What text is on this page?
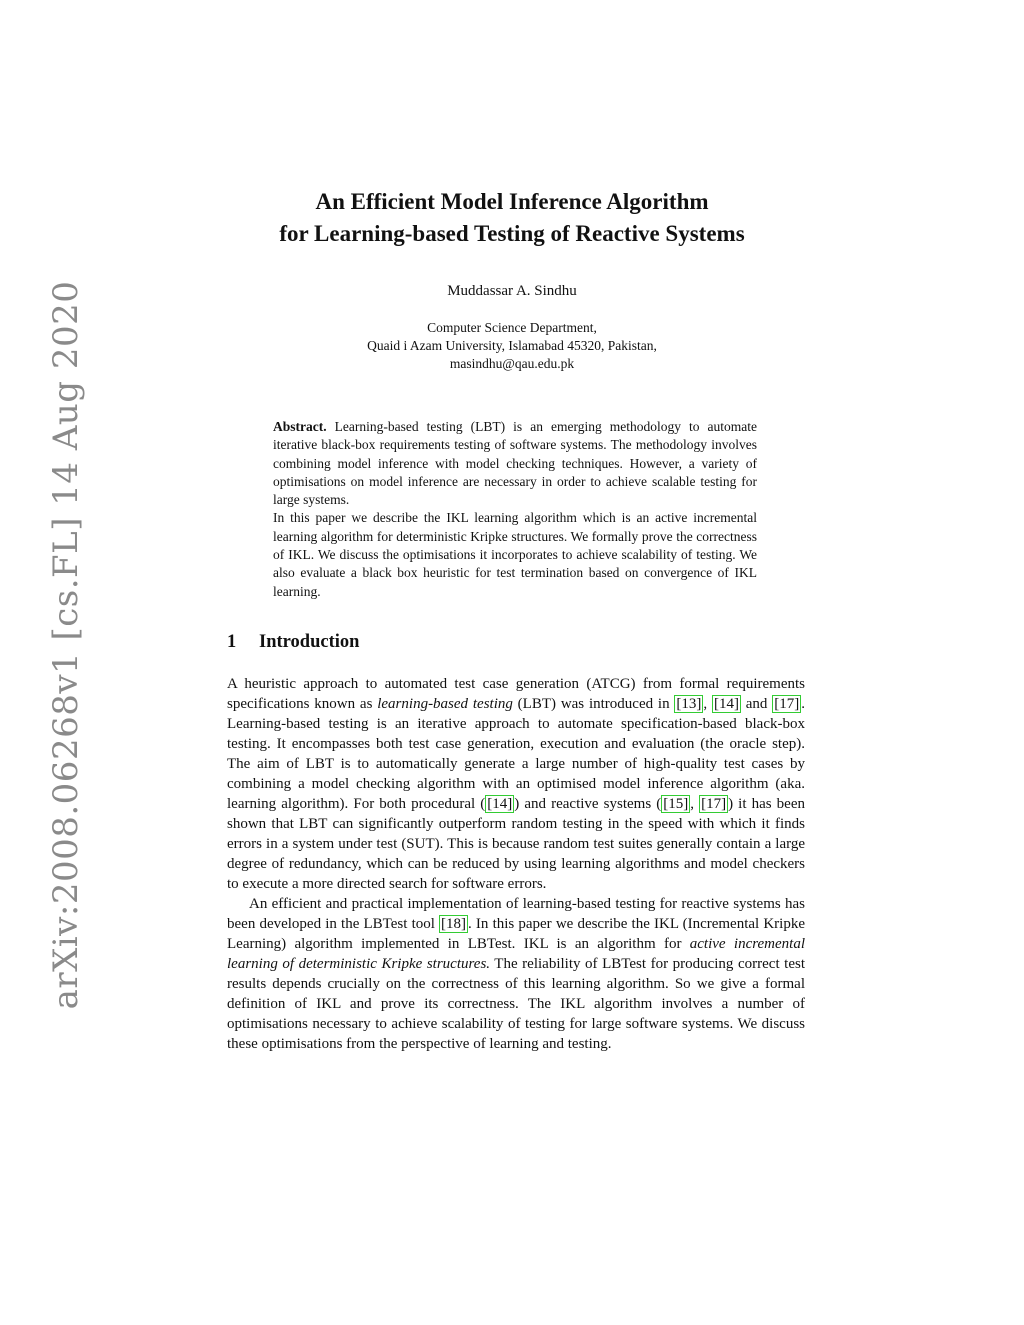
arXiv:2008.06268v1 [cs.FL] 14 Aug 2020
An Efficient Model Inference Algorithm
for Learning-based Testing of Reactive Systems
Muddassar A. Sindhu
Computer Science Department,
Quaid i Azam University, Islamabad 45320, Pakistan,
masindhu@qau.edu.pk

Abstract. Learning-based testing (LBT) is an emerging methodology to automate iterative black-box requirements testing of software systems. The methodology involves combining model inference with model checking techniques. However, a variety of optimisations on model inference are necessary in order to achieve scalable testing for large systems.

In this paper we describe the IKL learning algorithm which is an active incremental learning algorithm for deterministic Kripke structures. We formally prove the correctness of IKL. We discuss the optimisations it incorporates to achieve scalability of testing. We also evaluate a black box heuristic for test termination based on convergence of IKL learning.

1 Introduction

A heuristic approach to automated test case generation (ATCG) from formal requirements specifications known as learning-based testing (LBT) was introduced in [13] , [14] and [17] . Learning-based testing is an iterative approach to automate specification-based black-box testing. It encompasses both test case generation, execution and evaluation (the oracle step). The aim of LBT is to automatically generate a large number of high-quality test cases by combining a model checking algorithm with an optimised model inference algorithm (aka. learning algorithm). For both procedural ( [14] ) and reactive systems ( [15] , [17] ) it has been shown that LBT can significantly outperform random testing in the speed with which it finds errors in a system under test (SUT). This is because random test suites generally contain a large degree of redundancy, which can be reduced by using learning algorithms and model checkers to execute a more directed search for software errors.

An efficient and practical implementation of learning-based testing for reactive systems has been developed in the LBTest tool [18] . In this paper we describe the IKL (Incremental Kripke Learning) algorithm implemented in LBTest. IKL is an algorithm for active incremental learning of deterministic Kripke structures. The reliability of LBTest for producing correct test results depends crucially on the correctness of this learning algorithm. So we give a formal definition of IKL and prove its correctness. The IKL algorithm involves a number of optimisations necessary to achieve scalability of testing for large software systems. We discuss these optimisations from the perspective of learning and testing.
